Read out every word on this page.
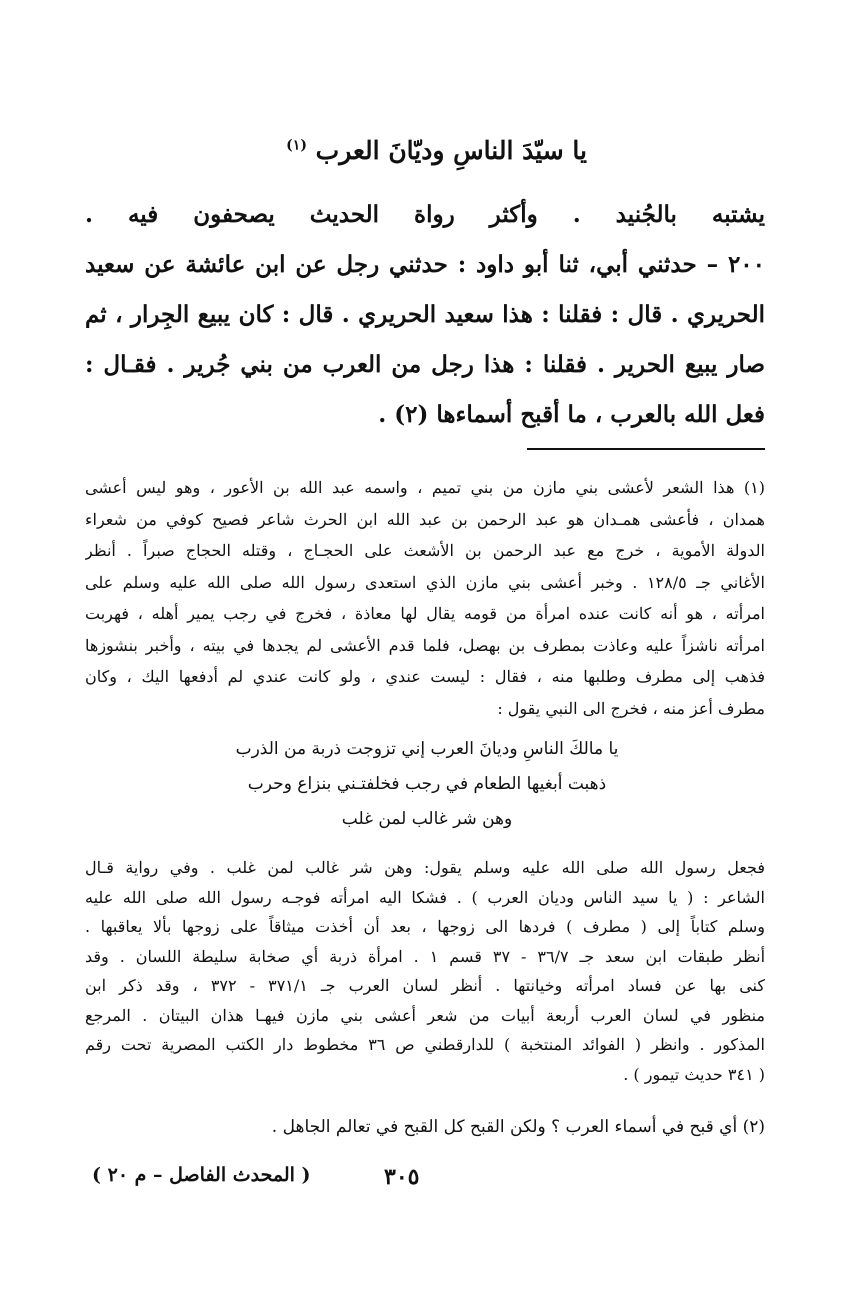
يا سيّدَ الناسِ وديّانَ العرب $^{(١)}$
يشتبه بالجُنيد . وأكثر رواة الحديث يصحفون فيه .
٢٠٠ – حدثني أبي، ثنا أبو داود : حدثني رجل عن ابن عائشة عن سعيد
الحريري . قال : فقلنا : هذا سعيد الحريري . قال : كان يبيع الجِرار ، ثم
صار يبيع الحرير . فقلنا : هذا رجل من العرب من بني جُرير . فقـال :
فعل الله بالعرب ، ما أقبح أسماءها (٢) .
(١) هذا الشعر لأعشى بني مازن من بني تميم ، واسمه عبد الله بن الأعور ، وهو ليس أعشى
همدان ، فأعشى همـدان هو عبد الرحمن بن عبد الله ابن الحرث شاعر فصيح كوفي من شعراء
الدولة الأموية ، خرج مع عبد الرحمن بن الأشعث على الحجـاج ، وقتله الحجاج صبراً . أنظر
الأغاني جـ ١٢٨/٥ . وخبر أعشى بني مازن الذي استعدى رسول الله صلى الله عليه وسلم على
امرأته ، هو أنه كانت عنده امرأة من قومه يقال لها معاذة ، فخرج في رجب يمير أهله ، فهربت
امرأته ناشزاً عليه وعاذت بمطرف بن بهصل، فلما قدم الأعشى لم يجدها في بيته ، وأخبر بنشوزها
فذهب إلى مطرف وطلبها منه ، فقال : ليست عندي ، ولو كانت عندي لم أدفعها اليك ، وكان
مطرف أعز منه ، فخرج الى النبي يقول :
يا مالكَ الناسِ وديانَ العرب إني تزوجت ذربة من الذرب
ذهبت أبغيها الطعام في رجب فخلفتـني بنزاع وحرب
وهن شر غالب لمن غلب
فجعل رسول الله صلى الله عليه وسلم يقول: وهن شر غالب لمن غلب . وفي رواية قـال
الشاعر : ( يا سيد الناس وديان العرب ) . فشكا اليه امرأته فوجـه رسول الله صلى الله عليه
وسلم كتاباً إلى ( مطرف ) فردها الى زوجها ، بعد أن أخذت ميثاقاً على زوجها بألا يعاقبها .
أنظر طبقات ابن سعد جـ ٣٦/٧ - ٣٧ قسم ١ . امرأة ذربة أي صخابة سليطة اللسان . وقد
كنى بها عن فساد امرأته وخيانتها . أنظر لسان العرب جـ ٣٧١/١ - ٣٧٢ ، وقد ذكر ابن
منظور في لسان العرب أربعة أبيات من شعر أعشى بني مازن فيهـا هذان البيتان . المرجع
المذكور . وانظر ( الفوائد المنتخبة ) للدارقطني ص ٣٦ مخطوط دار الكتب المصرية تحت رقم
( ٣٤١ حديث تيمور ) .
(٢) أي قبح في أسماء العرب ؟ ولكن القبح كل القبح في تعالم الجاهل .
٣٠٥
( المحدث الفاصل – م ٢٠ )
